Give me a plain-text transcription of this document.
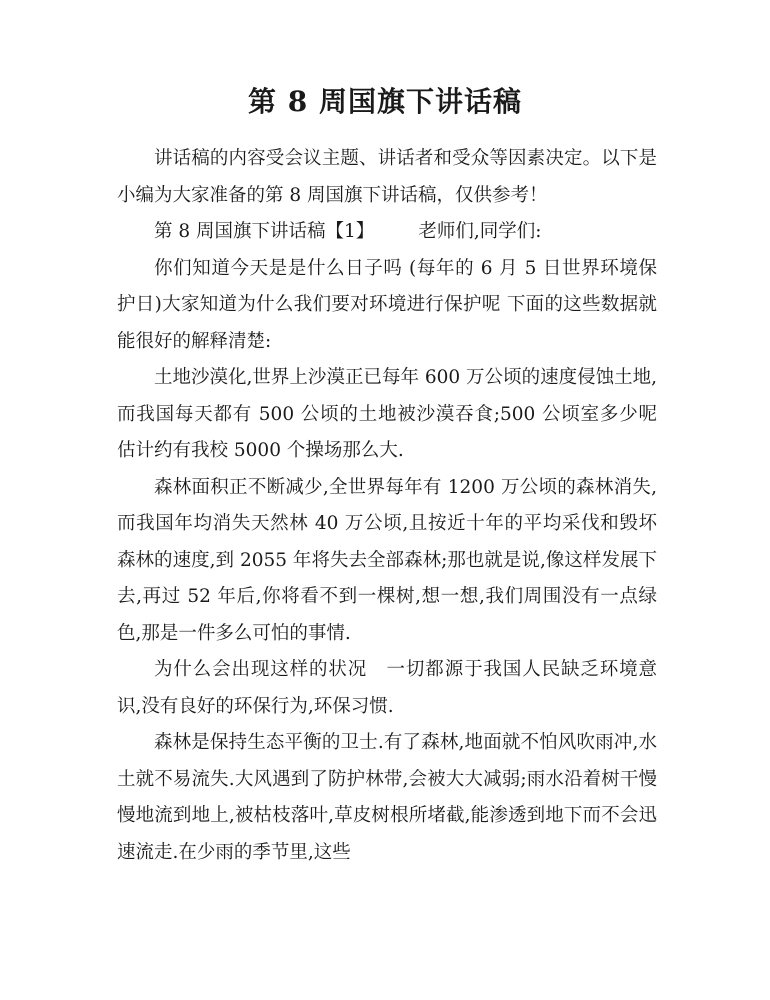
第 8 周国旗下讲话稿

讲话稿的内容受会议主题、讲话者和受众等因素决定。以下是小编为大家准备的第 8 周国旗下讲话稿，仅供参考！

第 8 周国旗下讲话稿【1】 老师们,同学们:

你们知道今天是是什么日子吗 (每年的 6 月 5 日世界环境保护日)大家知道为什么我们要对环境进行保护呢 下面的这些数据就能很好的解释清楚:

土地沙漠化,世界上沙漠正已每年 600 万公顷的速度侵蚀土地,而我国每天都有 500 公顷的土地被沙漠吞食;500 公顷室多少呢 估计约有我校 5000 个操场那么大.

森林面积正不断减少,全世界每年有 1200 万公顷的森林消失,而我国年均消失天然林 40 万公顷,且按近十年的平均采伐和毁坏森林的速度,到 2055 年将失去全部森林;那也就是说,像这样发展下去,再过 52 年后,你将看不到一棵树,想一想,我们周围没有一点绿色,那是一件多么可怕的事情.

为什么会出现这样的状况　一切都源于我国人民缺乏环境意识,没有良好的环保行为,环保习惯.

森林是保持生态平衡的卫士.有了森林,地面就不怕风吹雨冲,水土就不易流失.大风遇到了防护林带,会被大大减弱;雨水沿着树干慢慢地流到地上,被枯枝落叶,草皮树根所堵截,能渗透到地下而不会迅速流走.在少雨的季节里,这些
